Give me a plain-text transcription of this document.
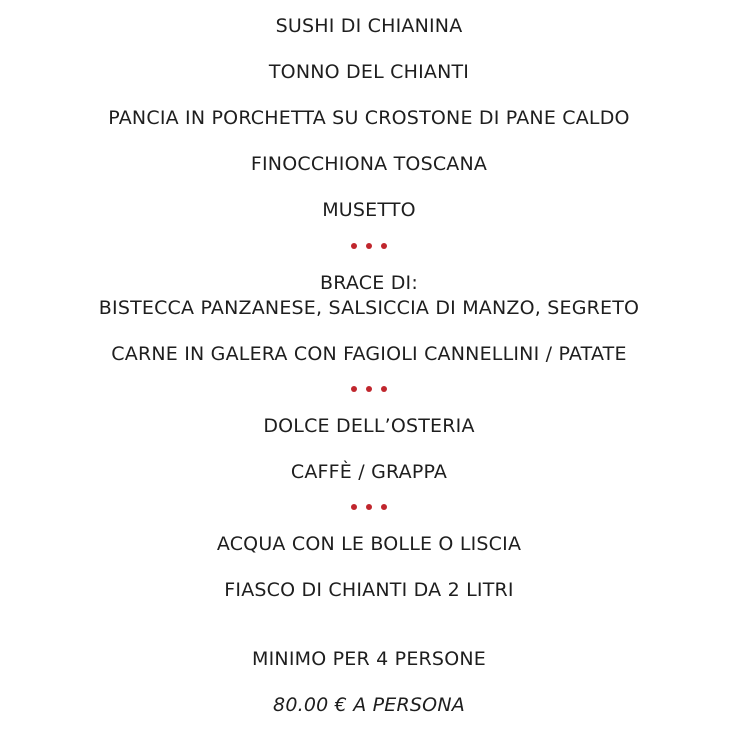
SUSHI DI CHIANINA
TONNO DEL CHIANTI
PANCIA IN PORCHETTA SU CROSTONE DI PANE CALDO
FINOCCHIONA TOSCANA
MUSETTO
BRACE DI:
BISTECCA PANZANESE, SALSICCIA DI MANZO, SEGRETO
CARNE IN GALERA CON FAGIOLI CANNELLINI / PATATE
DOLCE DELL’OSTERIA
CAFFÈ / GRAPPA
ACQUA CON LE BOLLE O LISCIA
FIASCO DI CHIANTI DA 2 LITRI
MINIMO PER 4 PERSONE
80.00 € A PERSONA
